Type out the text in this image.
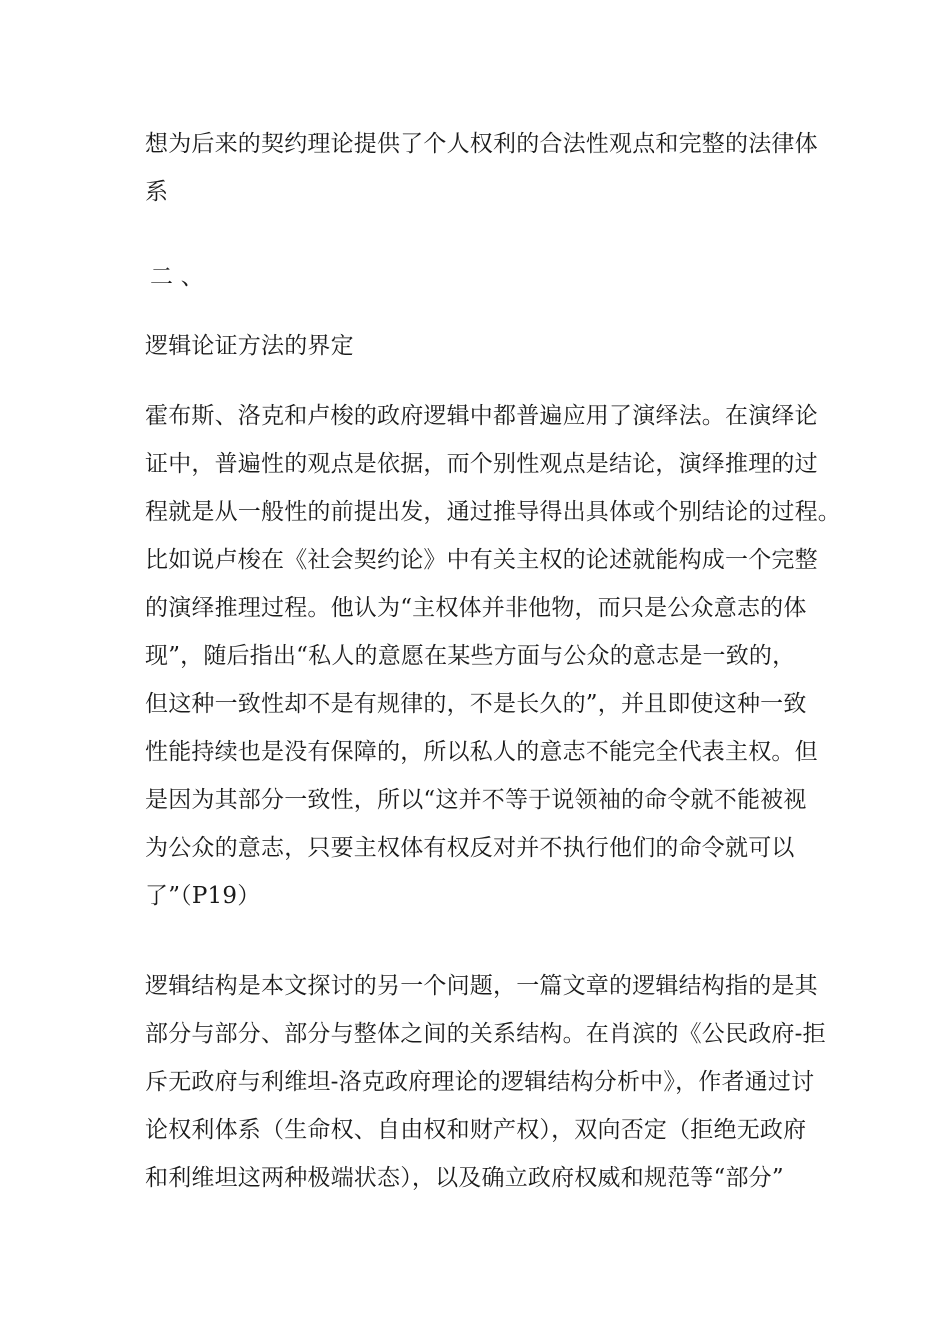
想为后来的契约理论提供了个人权利的合法性观点和完整的法律体
系

二 、

逻辑论证方法的界定

霍布斯、洛克和卢梭的政府逻辑中都普遍应用了演绎法。在演绎论
证中，普遍性的观点是依据，而个别性观点是结论，演绎推理的过
程就是从一般性的前提出发，通过推导得出具体或个别结论的过程。
比如说卢梭在《社会契约论》中有关主权的论述就能构成一个完整
的演绎推理过程。他认为“主权体并非他物，而只是公众意志的体
现”，随后指出“私人的意愿在某些方面与公众的意志是一致的，
但这种一致性却不是有规律的，不是长久的”，并且即使这种一致
性能持续也是没有保障的，所以私人的意志不能完全代表主权。但
是因为其部分一致性，所以“这并不等于说领袖的命令就不能被视
为公众的意志，只要主权体有权反对并不执行他们的命令就可以
了”（P19）

逻辑结构是本文探讨的另一个问题，一篇文章的逻辑结构指的是其
部分与部分、部分与整体之间的关系结构。在肖滨的《公民政府-拒
斥无政府与利维坦-洛克政府理论的逻辑结构分析中》，作者通过讨
论权利体系（生命权、自由权和财产权），双向否定（拒绝无政府
和利维坦这两种极端状态），以及确立政府权威和规范等“部分”
